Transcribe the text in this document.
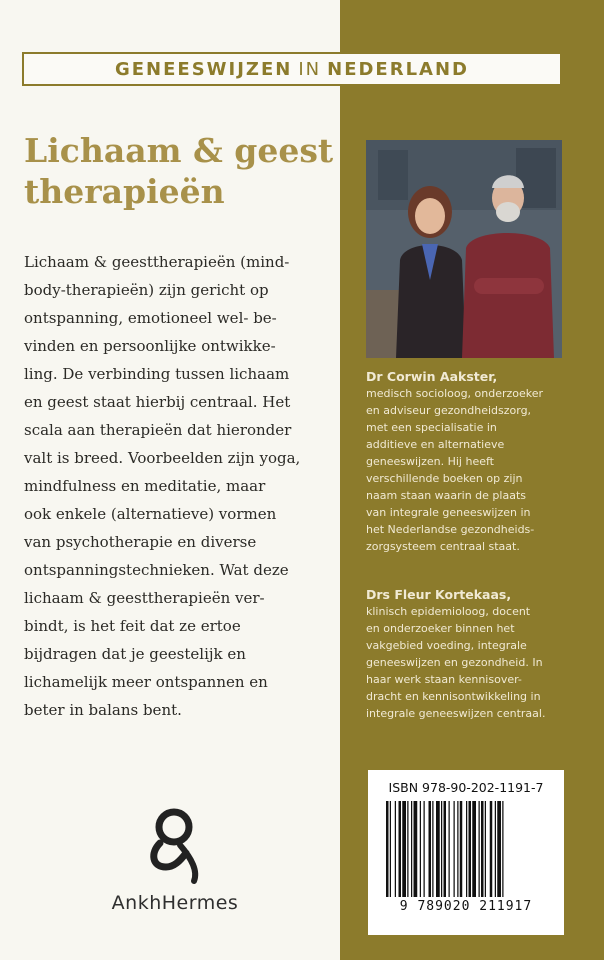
GENEESWIJZEN IN NEDERLAND
Lichaam & geest
therapieën

Lichaam & geesttherapieën (mind-
body-therapieën) zijn gericht op
ontspanning, emotioneel wel- be-
vinden en persoonlijke ontwikke-
ling. De verbinding tussen lichaam
en geest staat hierbij centraal. Het
scala aan therapieën dat hieronder
valt is breed. Voorbeelden zijn yoga,
mindfulness en meditatie, maar
ook enkele (alternatieve) vormen
van psychotherapie en diverse
ontspanningstechnieken. Wat deze
lichaam & geesttherapieën ver-
bindt, is het feit dat ze ertoe
bijdragen dat je geestelijk en
lichamelijk meer ontspannen en
beter in balans bent.

AnkhHermes

Dr Corwin Aakster,
medisch socioloog, onderzoeker
en adviseur gezondheidszorg,
met een specialisatie in
additieve en alternatieve
geneeswijzen. Hij heeft
verschillende boeken op zijn
naam staan waarin de plaats
van integrale geneeswijzen in
het Nederlandse gezondheids-
zorgsysteem centraal staat.

Drs Fleur Kortekaas,
klinisch epidemioloog, docent
en onderzoeker binnen het
vakgebied voeding, integrale
geneeswijzen en gezondheid. In
haar werk staan kennisover-
dracht en kennisontwikkeling in
integrale geneeswijzen centraal.

ISBN 978-90-202-1191-7
9 789020 211917
